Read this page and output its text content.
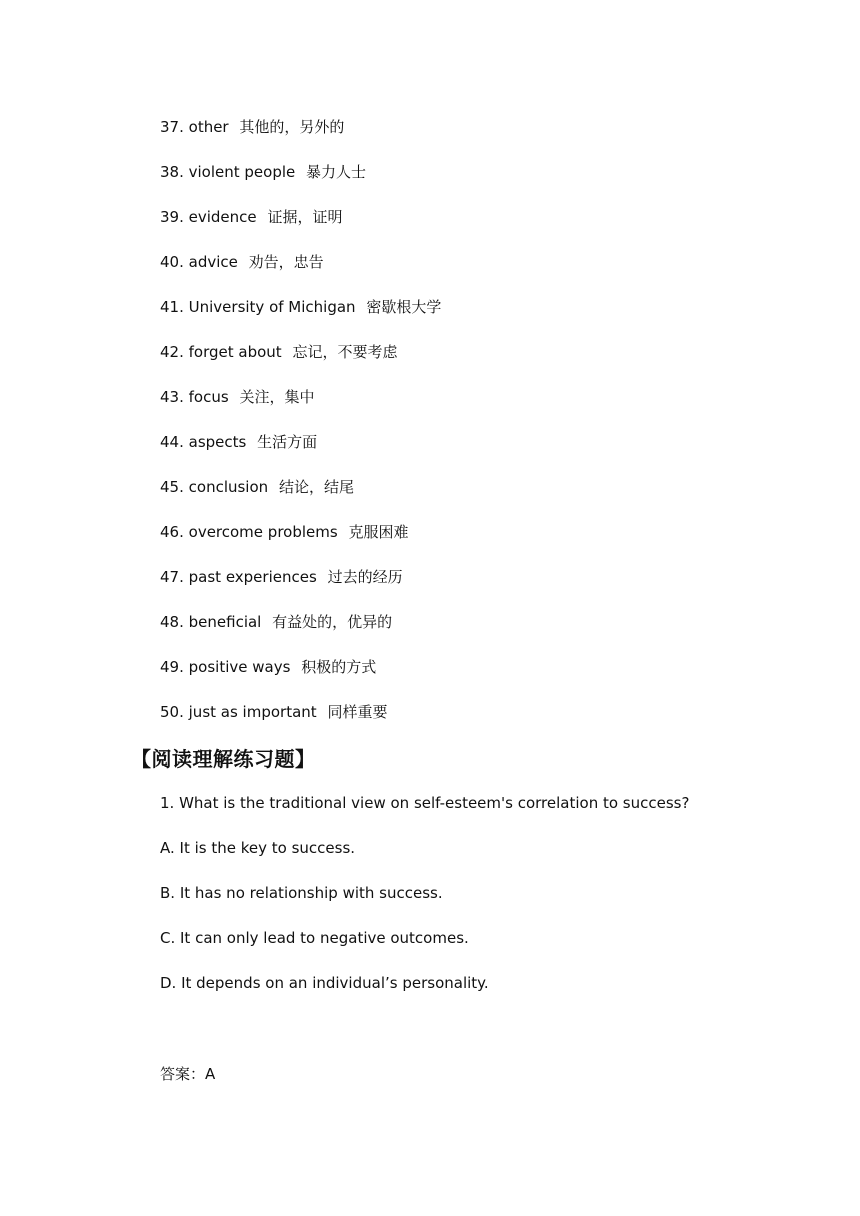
37. other 其他的，另外的
38. violent people 暴力人士
39. evidence 证据，证明
40. advice 劝告，忠告
41. University of Michigan 密歇根大学
42. forget about 忘记，不要考虑
43. focus 关注，集中
44. aspects 生活方面
45. conclusion 结论，结尾
46. overcome problems 克服困难
47. past experiences 过去的经历
48. beneficial 有益处的，优异的
49. positive ways 积极的方式
50. just as important 同样重要
【阅读理解练习题】
1. What is the traditional view on self-esteem's correlation to success?
A. It is the key to success.
B. It has no relationship with success.
C. It can only lead to negative outcomes.
D. It depends on an individual’s personality.
答案：A
